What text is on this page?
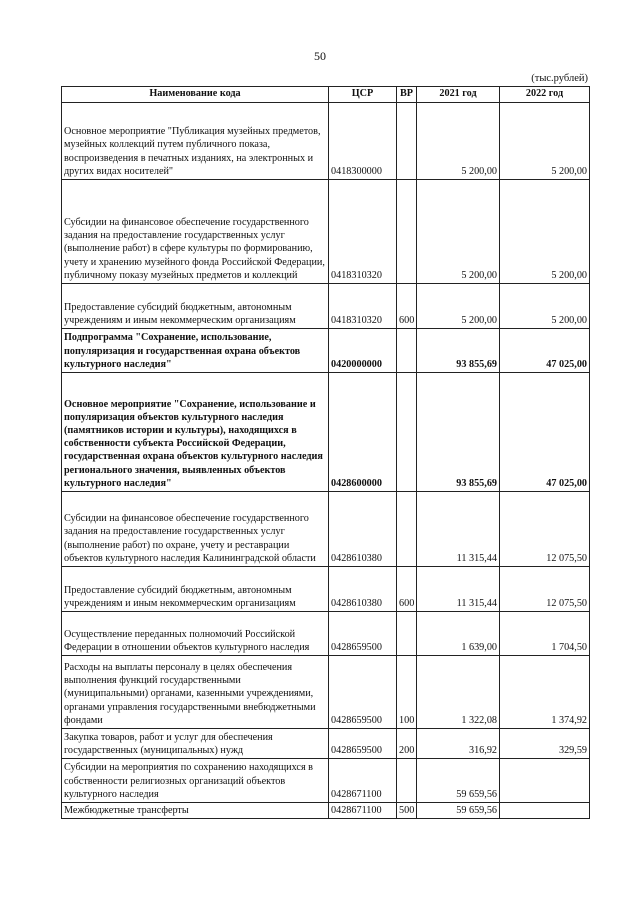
50
(тыс.рублей)
Наименование кода	ЦСР	ВР	2021 год	2022 год
Основное мероприятие "Публикация музейных предметов, музейных коллекций путем публичного показа, воспроизведения в печатных изданиях, на электронных и других видах носителей"	0418300000		5 200,00	5 200,00
Субсидии на финансовое обеспечение государственного задания на предоставление государственных услуг (выполнение работ) в сфере культуры по формированию, учету и хранению музейного фонда Российской Федерации, публичному показу музейных предметов и коллекций	0418310320		5 200,00	5 200,00
Предоставление субсидий бюджетным, автономным учреждениям и иным некоммерческим организациям	0418310320	600	5 200,00	5 200,00
Подпрограмма "Сохранение, использование, популяризация и государственная охрана объектов культурного наследия"	0420000000		93 855,69	47 025,00
Основное мероприятие "Сохранение, использование и популяризация объектов культурного наследия (памятников истории и культуры), находящихся в собственности субъекта Российской Федерации, государственная охрана объектов культурного наследия регионального значения, выявленных объектов культурного наследия"	0428600000		93 855,69	47 025,00
Субсидии на финансовое обеспечение государственного задания на предоставление государственных услуг (выполнение работ) по охране, учету и реставрации объектов культурного наследия Калининградской области	0428610380		11 315,44	12 075,50
Предоставление субсидий бюджетным, автономным учреждениям и иным некоммерческим организациям	0428610380	600	11 315,44	12 075,50
Осуществление переданных полномочий Российской Федерации в отношении объектов культурного наследия	0428659500		1 639,00	1 704,50
Расходы на выплаты персоналу в целях обеспечения выполнения функций государственными (муниципальными) органами, казенными учреждениями, органами управления государственными внебюджетными фондами	0428659500	100	1 322,08	1 374,92
Закупка товаров, работ и услуг для обеспечения государственных (муниципальных) нужд	0428659500	200	316,92	329,59
Субсидии на мероприятия по сохранению находящихся в собственности религиозных организаций объектов культурного наследия	0428671100		59 659,56	
Межбюджетные трансферты	0428671100	500	59 659,56	
